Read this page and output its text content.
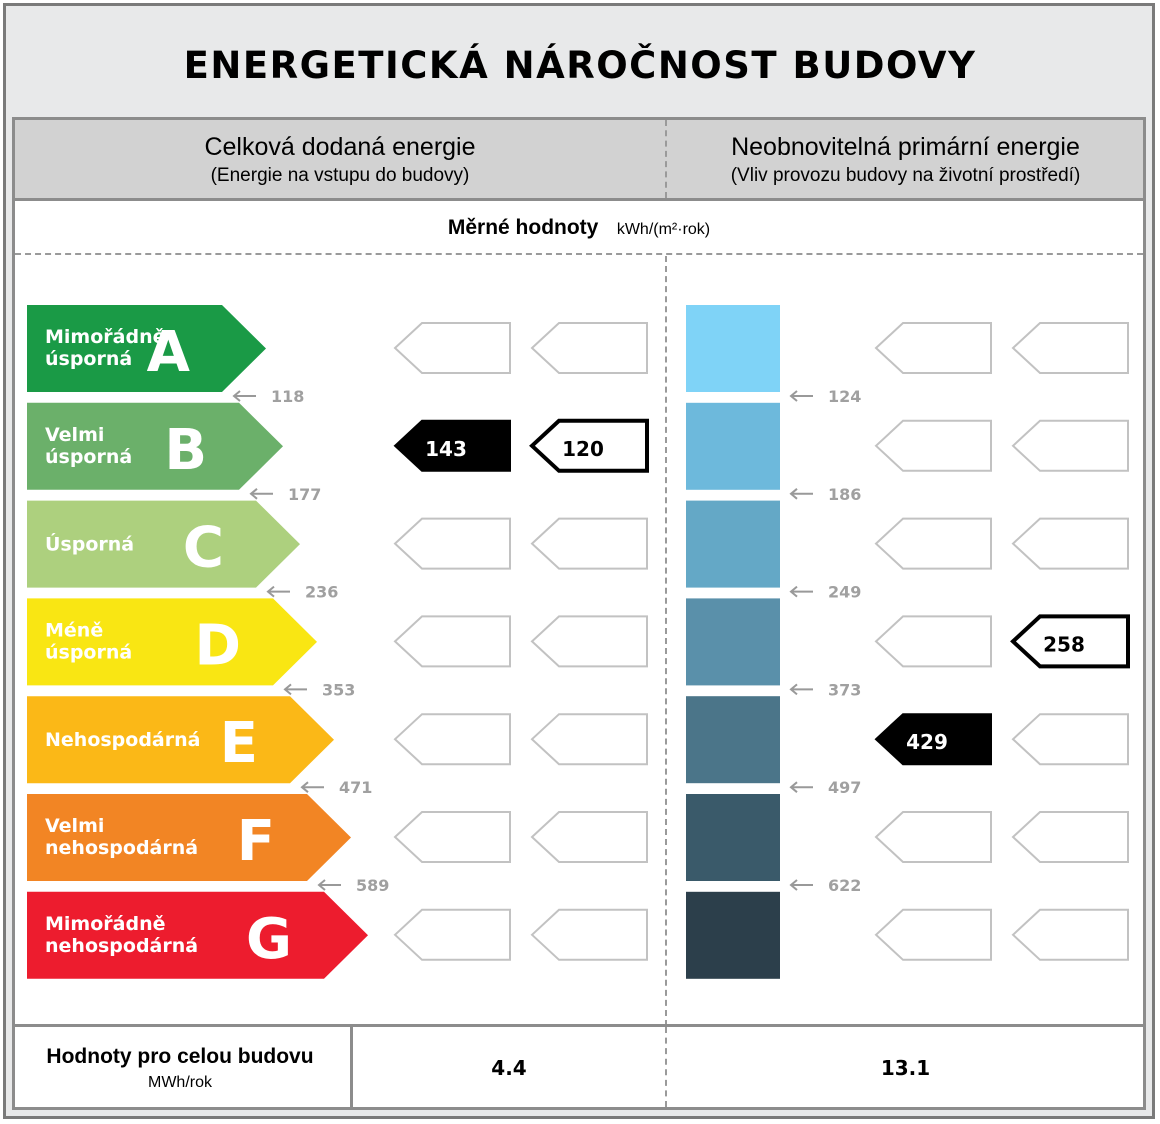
ENERGETICKÁ NÁROČNOST BUDOVY
Celková dodaná energie
(Energie na vstupu do budovy)
Neobnovitelná primární energie
(Vliv provozu budovy na životní prostředí)
Měrné hodnoty kWh/(m²·rok)
Mimořádně
úsporná A
Velmi
úsporná B
Úsporná C
Méně
úsporná D
Nehospodárná E
Velmi
nehospodárná F
Mimořádně
nehospodárná G
118
177
236
353
471
589
124
186
249
373
497
622
143	120
258
429
Hodnoty pro celou budovu
MWh/rok
4.4	13.1
